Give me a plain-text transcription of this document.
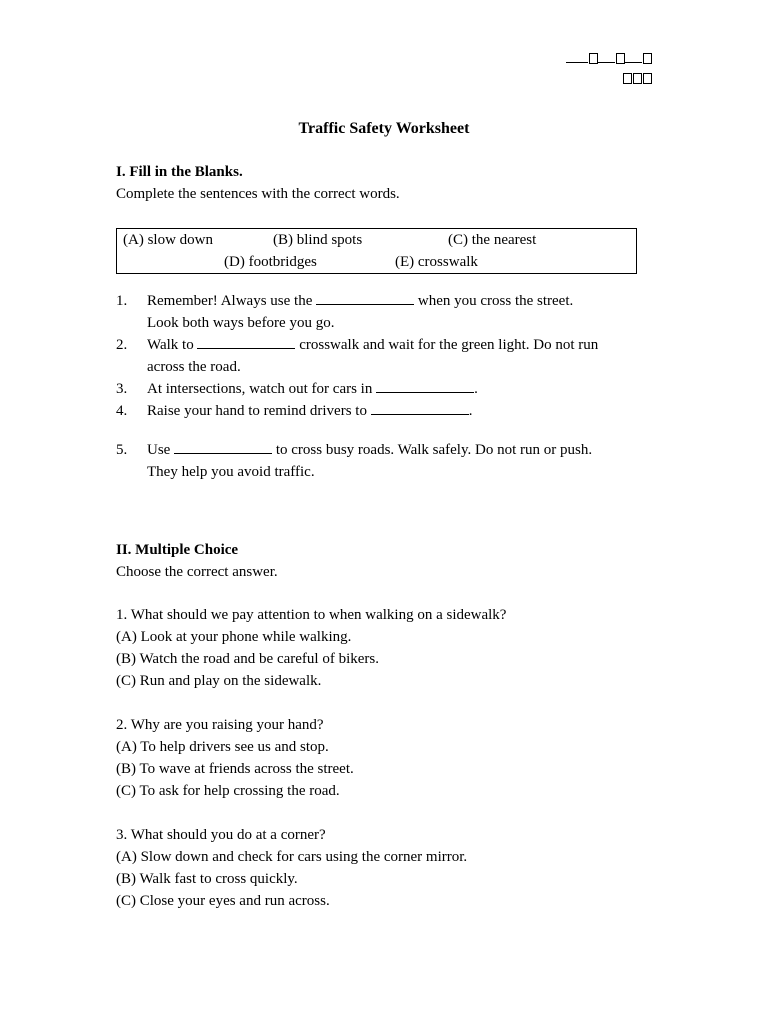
Traffic Safety Worksheet
I. Fill in the Blanks.
Complete the sentences with the correct words.
(A) slow down	(B) blind spots	(C) the nearest
(D) footbridges	(E) crosswalk
1. Remember! Always use the	when you cross the street.
Look both ways before you go.
2. Walk to	crosswalk and wait for the green light. Do not run
across the road.
3. At intersections, watch out for cars in	.
4. Raise your hand to remind drivers to	.
5. Use	to cross busy roads. Walk safely. Do not run or push.
They help you avoid traffic.
II. Multiple Choice
Choose the correct answer.
1. What should we pay attention to when walking on a sidewalk?
(A) Look at your phone while walking.
(B) Watch the road and be careful of bikers.
(C) Run and play on the sidewalk.
2. Why are you raising your hand?
(A) To help drivers see us and stop.
(B) To wave at friends across the street.
(C) To ask for help crossing the road.
3. What should you do at a corner?
(A) Slow down and check for cars using the corner mirror.
(B) Walk fast to cross quickly.
(C) Close your eyes and run across.
